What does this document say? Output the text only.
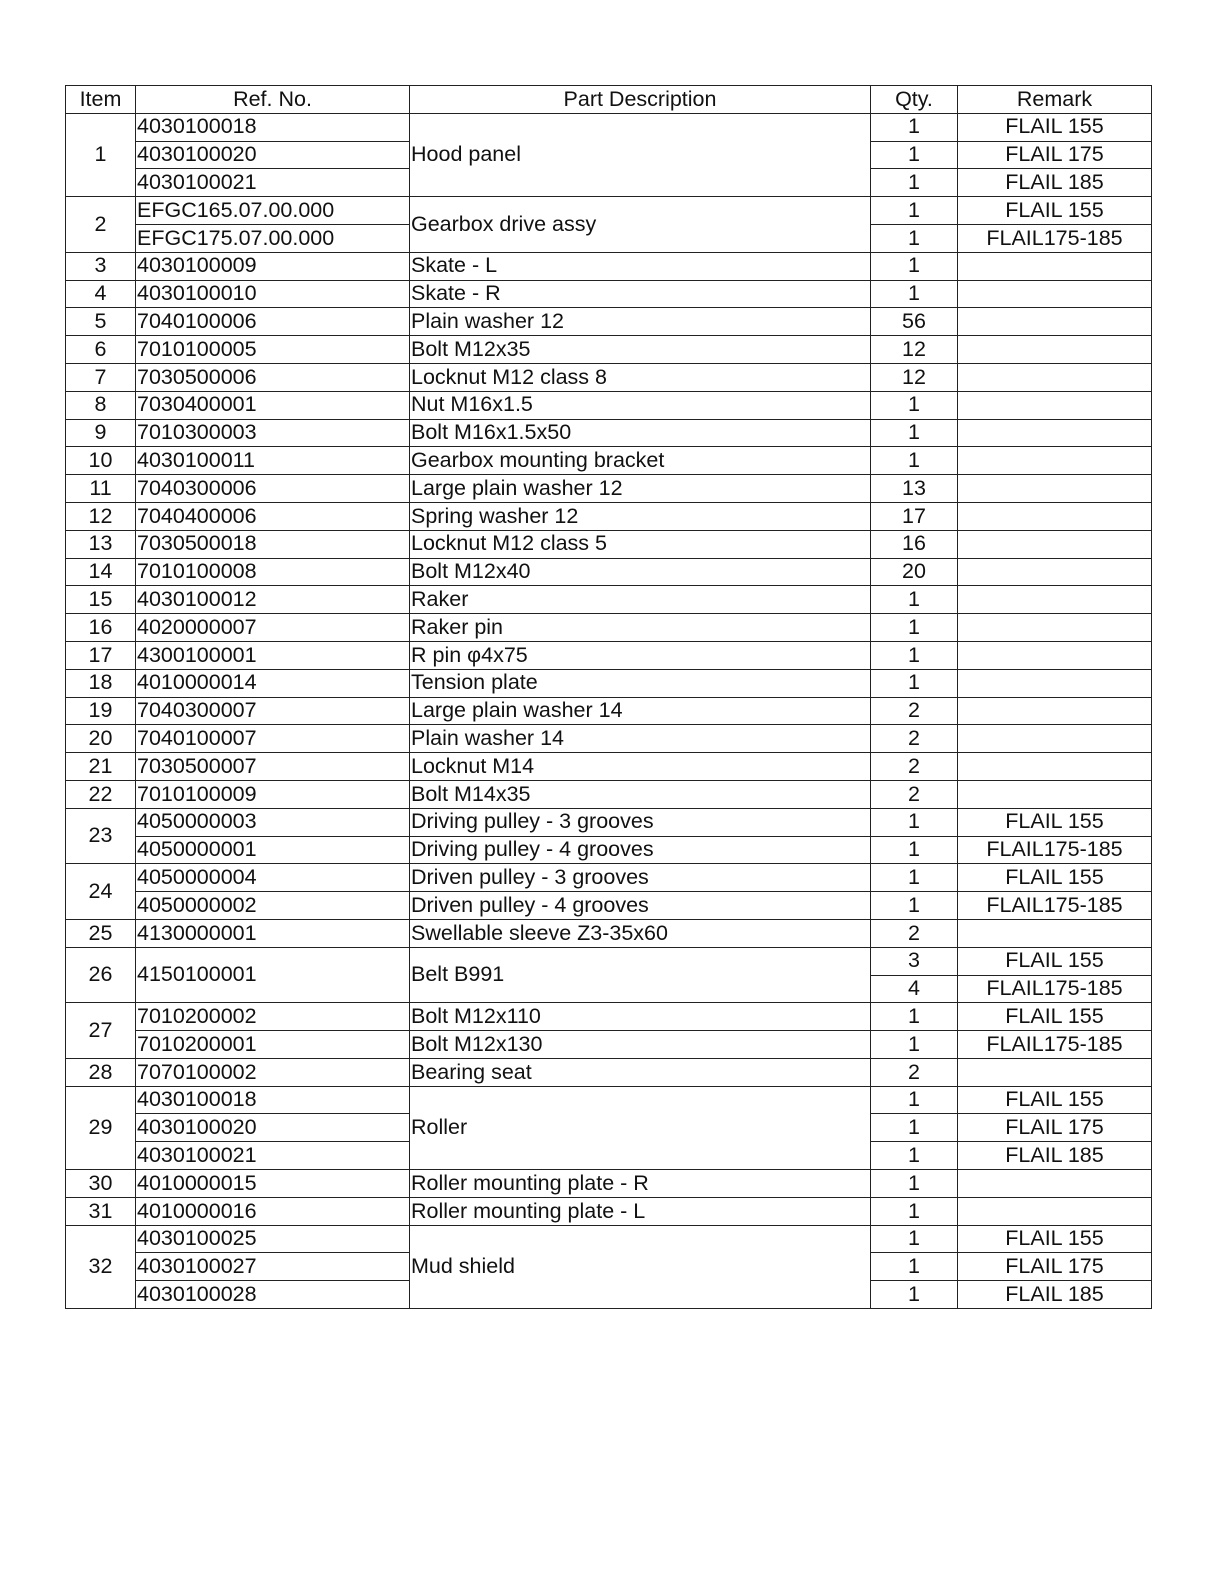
Item	Ref. No.	Part Description	Qty.	Remark
1	4030100018	Hood panel	1	FLAIL 155
	4030100020		1	FLAIL 175
	4030100021		1	FLAIL 185
2	EFGC165.07.00.000	Gearbox drive assy	1	FLAIL 155
	EFGC175.07.00.000		1	FLAIL175-185
3	4030100009	Skate - L	1	
4	4030100010	Skate - R	1	
5	7040100006	Plain washer 12	56	
6	7010100005	Bolt M12x35	12	
7	7030500006	Locknut M12 class 8	12	
8	7030400001	Nut M16x1.5	1	
9	7010300003	Bolt M16x1.5x50	1	
10	4030100011	Gearbox mounting bracket	1	
11	7040300006	Large plain washer 12	13	
12	7040400006	Spring washer 12	17	
13	7030500018	Locknut M12 class 5	16	
14	7010100008	Bolt M12x40	20	
15	4030100012	Raker	1	
16	4020000007	Raker pin	1	
17	4300100001	R pin φ4x75	1	
18	4010000014	Tension plate	1	
19	7040300007	Large plain washer 14	2	
20	7040100007	Plain washer 14	2	
21	7030500007	Locknut M14	2	
22	7010100009	Bolt M14x35	2	
23	4050000003	Driving pulley - 3 grooves	1	FLAIL 155
	4050000001	Driving pulley - 4 grooves	1	FLAIL175-185
24	4050000004	Driven pulley - 3 grooves	1	FLAIL 155
	4050000002	Driven pulley - 4 grooves	1	FLAIL175-185
25	4130000001	Swellable sleeve Z3-35x60	2	
26	4150100001	Belt B991	3	FLAIL 155
			4	FLAIL175-185
27	7010200002	Bolt M12x110	1	FLAIL 155
	7010200001	Bolt M12x130	1	FLAIL175-185
28	7070100002	Bearing seat	2	
29	4030100018	Roller	1	FLAIL 155
	4030100020		1	FLAIL 175
	4030100021		1	FLAIL 185
30	4010000015	Roller mounting plate - R	1	
31	4010000016	Roller mounting plate - L	1	
32	4030100025	Mud shield	1	FLAIL 155
	4030100027		1	FLAIL 175
	4030100028		1	FLAIL 185
